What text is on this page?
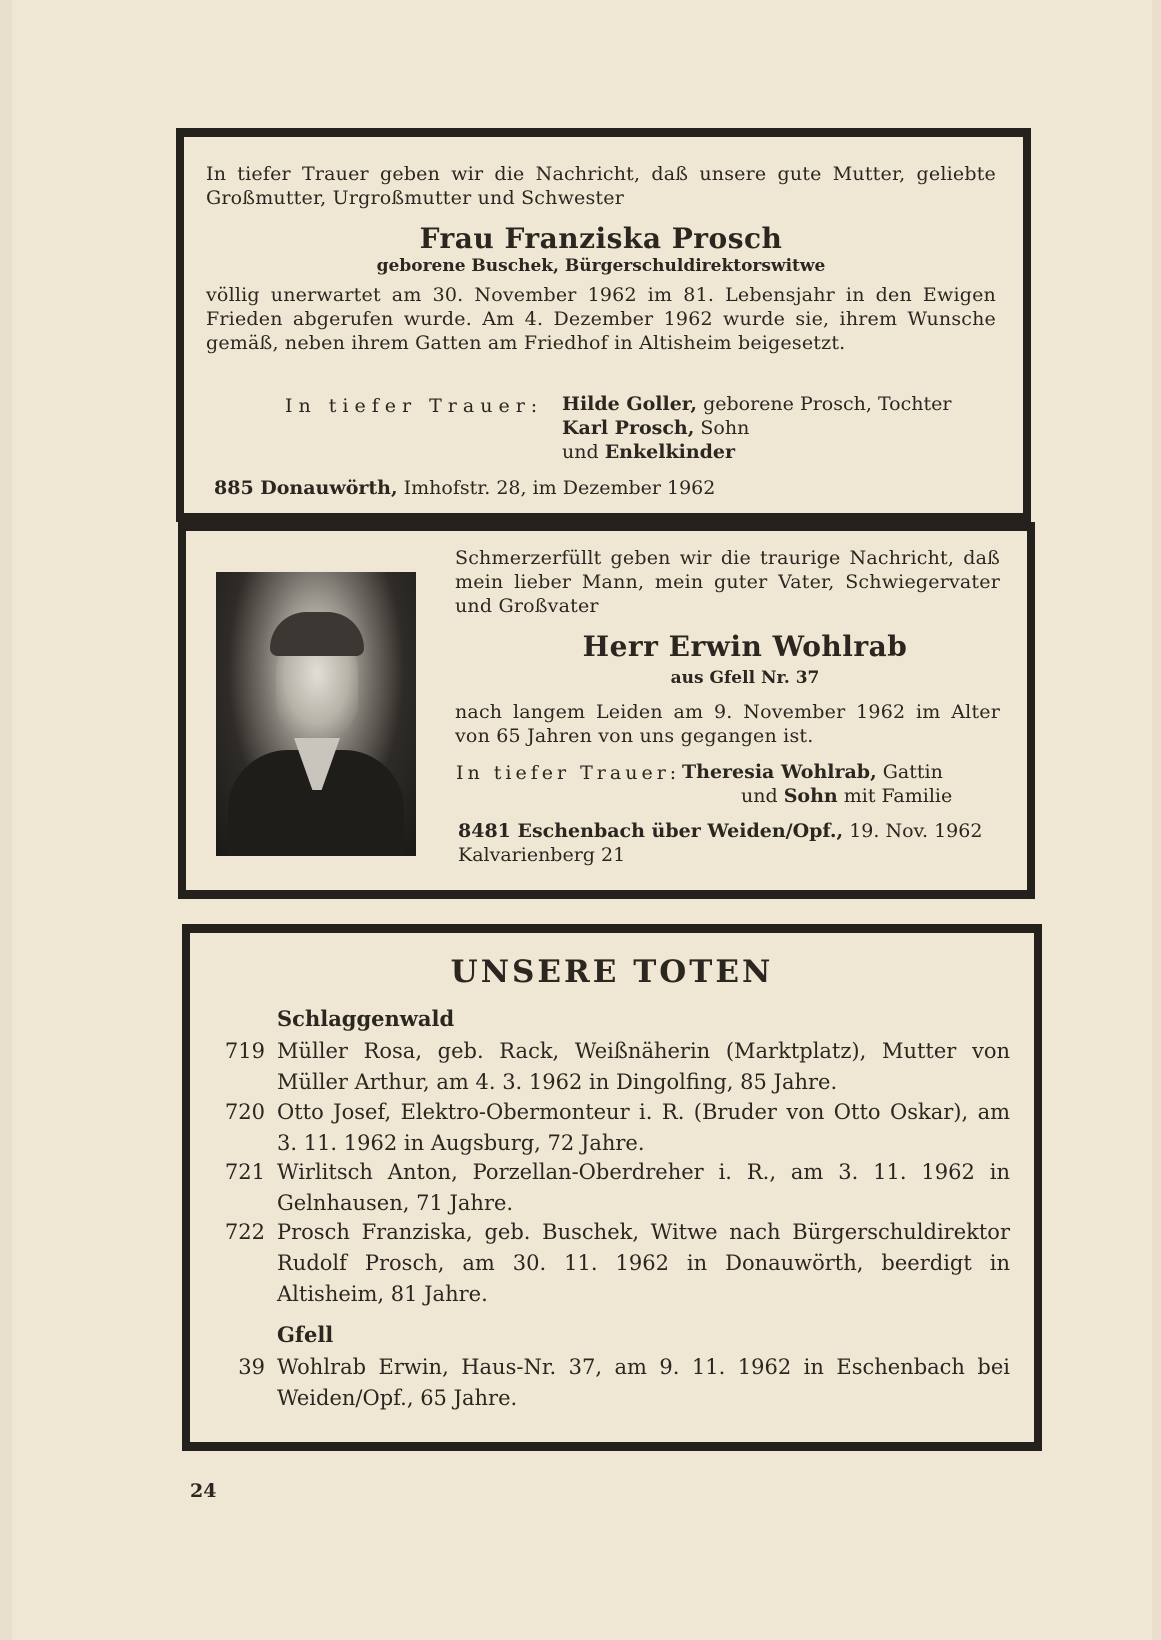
In tiefer Trauer geben wir die Nachricht, daß unsere gute Mutter, geliebte Großmutter, Urgroßmutter und Schwester
Frau Franziska Prosch
geborene Buschek, Bürgerschuldirektorswitwe
völlig unerwartet am 30. November 1962 im 81. Lebensjahr in den Ewigen Frieden abgerufen wurde. Am 4. Dezember 1962 wurde sie, ihrem Wunsche gemäß, neben ihrem Gatten am Friedhof in Altisheim beigesetzt.
In tiefer Trauer: Hilde Goller, geborene Prosch, Tochter
Karl Prosch, Sohn
und Enkelkinder
885 Donauwörth, Imhofstr. 28, im Dezember 1962
Schmerzerfüllt geben wir die traurige Nachricht, daß mein lieber Mann, mein guter Vater, Schwiegervater und Großvater
Herr Erwin Wohlrab
aus Gfell Nr. 37
nach langem Leiden am 9. November 1962 im Alter von 65 Jahren von uns gegangen ist.
In tiefer Trauer: Theresia Wohlrab, Gattin
und Sohn mit Familie
8481 Eschenbach über Weiden/Opf., 19. Nov. 1962
Kalvarienberg 21
UNSERE TOTEN
Schlaggenwald
719 Müller Rosa, geb. Rack, Weißnäherin (Marktplatz), Mutter von Müller Arthur, am 4. 3. 1962 in Dingolfing, 85 Jahre.
720 Otto Josef, Elektro-Obermonteur i. R. (Bruder von Otto Oskar), am 3. 11. 1962 in Augsburg, 72 Jahre.
721 Wirlitsch Anton, Porzellan-Oberdreher i. R., am 3. 11. 1962 in Gelnhausen, 71 Jahre.
722 Prosch Franziska, geb. Buschek, Witwe nach Bürgerschuldirektor Rudolf Prosch, am 30. 11. 1962 in Donauwörth, beerdigt in Altisheim, 81 Jahre.
Gfell
39 Wohlrab Erwin, Haus-Nr. 37, am 9. 11. 1962 in Eschenbach bei Weiden/Opf., 65 Jahre.
24
